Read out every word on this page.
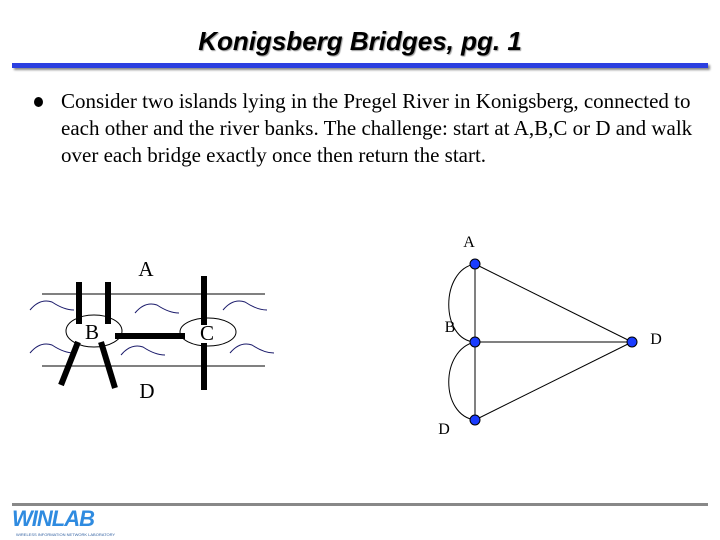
Konigsberg Bridges, pg. 1
Consider two islands lying in the Pregel River in Konigsberg, connected to each other and the river banks. The challenge: start at A,B,C or D and walk over each bridge exactly once then return the start.
A
B	C
D
A
B
D
D
WINLAB
WIRELESS INFORMATION NETWORK LABORATORY
